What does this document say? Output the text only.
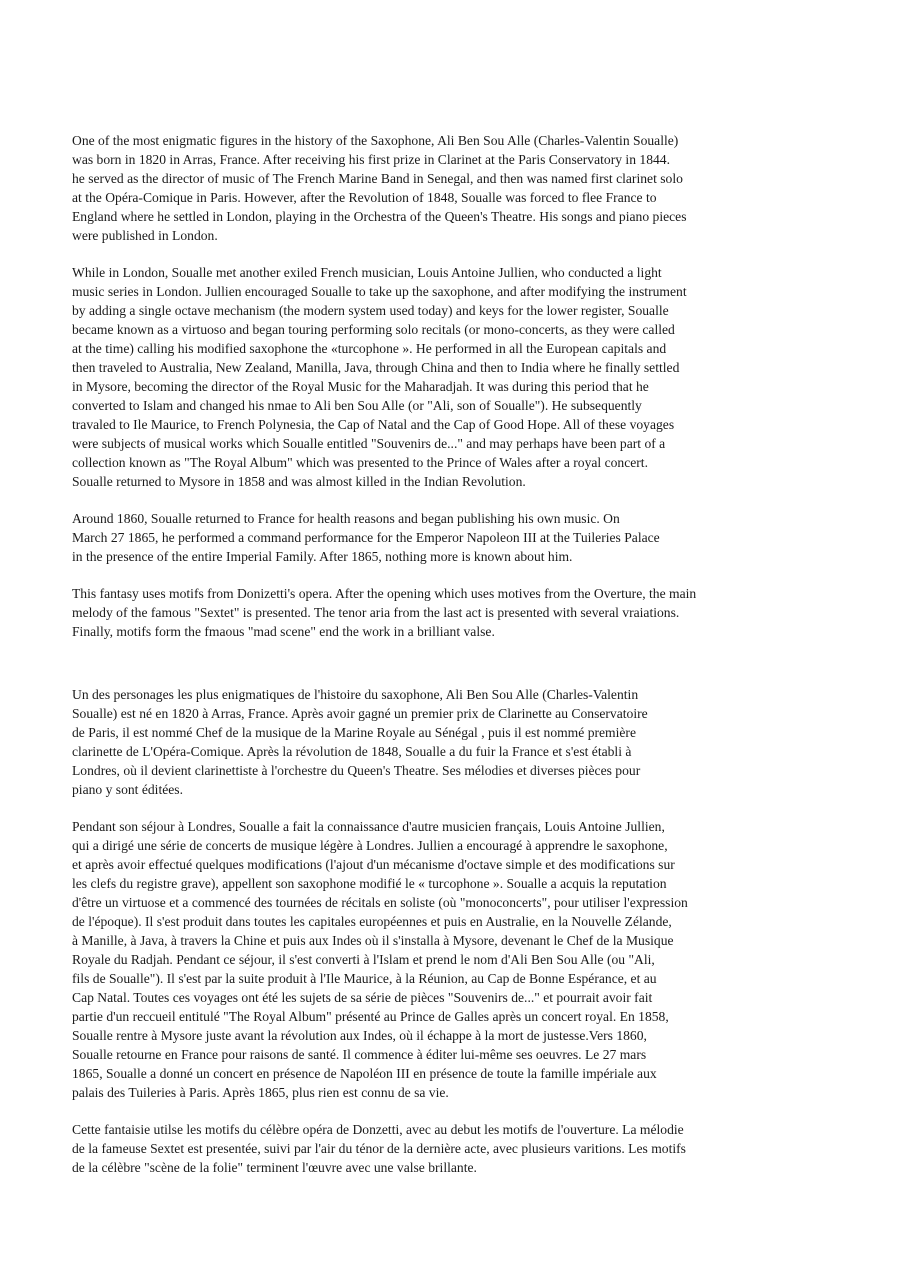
One of the most enigmatic figures in the history of the Saxophone, Ali Ben Sou Alle (Charles-Valentin Soualle)
was born in 1820 in Arras, France. After receiving his first prize in Clarinet at the Paris Conservatory in 1844.
he served as the director of music of The French Marine Band in Senegal, and then was named first clarinet solo
at the Opéra-Comique in Paris. However, after the Revolution of 1848, Soualle was forced to flee France to
England where he settled in London, playing in the Orchestra of the Queen's Theatre. His songs and piano pieces
were published in London.
While in London, Soualle met another exiled French musician, Louis Antoine Jullien, who conducted a light
music series in London. Jullien encouraged Soualle to take up the saxophone, and after modifying the instrument
by adding a single octave mechanism (the modern system used today) and keys for the lower register, Soualle
became known as a virtuoso and began touring performing solo recitals (or mono-concerts, as they were called
at the time) calling his modified saxophone the «turcophone ». He performed in all the European capitals and
then traveled to Australia, New Zealand, Manilla, Java, through China and then to India where he finally settled
in Mysore, becoming the director of the Royal Music for the Maharadjah. It was during this period that he
converted to Islam and changed his nmae to Ali ben Sou Alle (or "Ali, son of Soualle"). He subsequently
travaled to Ile Maurice, to French Polynesia, the Cap of Natal and the Cap of Good Hope. All of these voyages
were subjects of musical works which Soualle entitled "Souvenirs de..." and may perhaps have been part of a
collection known as "The Royal Album" which was presented to the Prince of Wales after a royal concert.
Soualle returned to Mysore in 1858 and was almost killed in the Indian Revolution.
Around 1860, Soualle returned to France for health reasons and began publishing his own music. On
March 27 1865, he performed a command performance for the Emperor Napoleon III at the Tuileries Palace
in the presence of the entire Imperial Family. After 1865, nothing more is known about him.
This fantasy uses motifs from Donizetti's opera. After the opening which uses motives from the Overture, the main
melody of the famous "Sextet" is presented. The tenor aria from the last act is presented with several vraiations.
Finally, motifs form the fmaous "mad scene" end the work in a brilliant valse.
Un des personages les plus enigmatiques de l'histoire du saxophone, Ali Ben Sou Alle (Charles-Valentin
Soualle) est né en 1820 à Arras, France. Après avoir gagné un premier prix de Clarinette au Conservatoire
de Paris, il est nommé Chef de la musique de la Marine Royale au Sénégal , puis il est nommé première
clarinette de L'Opéra-Comique. Après la révolution de 1848, Soualle a du fuir la France et s'est établi à
Londres, où il devient clarinettiste à l'orchestre du Queen's Theatre. Ses mélodies et diverses pièces pour
piano y sont éditées.
Pendant son séjour à Londres, Soualle a fait la connaissance d'autre musicien français, Louis Antoine Jullien,
qui a dirigé une série de concerts de musique légère à Londres. Jullien a encouragé à apprendre le saxophone,
et après avoir effectué quelques modifications (l'ajout d'un mécanisme d'octave simple et des modifications sur
les clefs du registre grave), appellent son saxophone modifié le « turcophone ». Soualle a acquis la reputation
d'être un virtuose et a commencé des tournées de récitals en soliste (où "monoconcerts", pour utiliser l'expression
de l'époque). Il s'est produit dans toutes les capitales européennes et puis en Australie, en la Nouvelle Zélande,
à Manille, à Java, à travers la Chine et puis aux Indes où il s'installa à Mysore, devenant le Chef de la Musique
Royale du Radjah. Pendant ce séjour, il s'est converti à l'Islam et prend le nom d'Ali Ben Sou Alle (ou "Ali,
fils de Soualle"). Il s'est par la suite produit à l'Ile Maurice, à la Réunion, au Cap de Bonne Espérance, et au
Cap Natal. Toutes ces voyages ont été les sujets de sa série de pièces "Souvenirs de..." et pourrait avoir fait
partie d'un reccueil entitulé "The Royal Album" présenté au Prince de Galles après un concert royal. En 1858,
Soualle rentre à Mysore juste avant la révolution aux Indes, où il échappe à la mort de justesse.Vers 1860,
Soualle retourne en France pour raisons de santé. Il commence à éditer lui-même ses oeuvres. Le 27 mars
1865, Soualle a donné un concert en présence de Napoléon III en présence de toute la famille impériale aux
palais des Tuileries à Paris. Après 1865, plus rien est connu de sa vie.
Cette fantaisie utilse les motifs du célèbre opéra de Donzetti, avec au debut les motifs de l'ouverture. La mélodie
de la fameuse Sextet est presentée, suivi par l'air du ténor de la dernière acte, avec plusieurs varitions. Les motifs
de la célèbre "scène de la folie" terminent l'œuvre avec une valse brillante.
